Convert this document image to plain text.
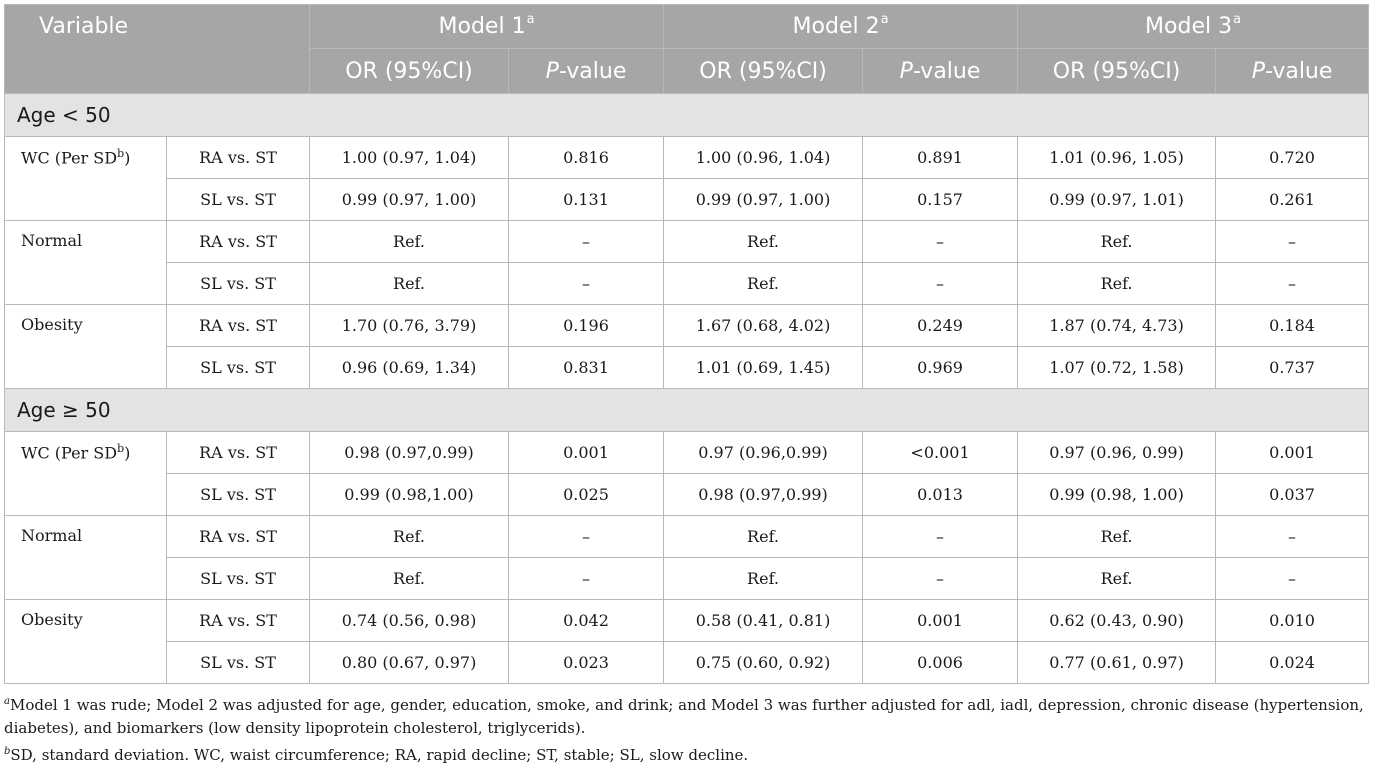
Variable		Model 1$^a$		Model 2$^a$		Model 3$^a$
		OR (95%CI)	P-value	OR (95%CI)	P-value	OR (95%CI)	P-value
Age < 50							
WC (Per $SD^b$)	RA vs. ST	1.00 (0.97, 1.04)	0.816	1.00 (0.96, 1.04)	0.891	1.01 (0.96, 1.05)	0.720
	SL vs. ST	0.99 (0.97, 1.00)	0.131	0.99 (0.97, 1.00)	0.157	0.99 (0.97, 1.01)	0.261
Normal	RA vs. ST	Ref.	–	Ref.	–	Ref.	–
	SL vs. ST	Ref.	–	Ref.	–	Ref.	–
Obesity	RA vs. ST	1.70 (0.76, 3.79)	0.196	1.67 (0.68, 4.02)	0.249	1.87 (0.74, 4.73)	0.184
	SL vs. ST	0.96 (0.69, 1.34)	0.831	1.01 (0.69, 1.45)	0.969	1.07 (0.72, 1.58)	0.737
Age ≥ 50							
WC (Per $SD^b$)	RA vs. ST	0.98 (0.97,0.99)	0.001	0.97 (0.96,0.99)	<0.001	0.97 (0.96, 0.99)	0.001
	SL vs. ST	0.99 (0.98,1.00)	0.025	0.98 (0.97,0.99)	0.013	0.99 (0.98, 1.00)	0.037
Normal	RA vs. ST	Ref.	–	Ref.	–	Ref.	–
	SL vs. ST	Ref.	–	Ref.	–	Ref.	–
Obesity	RA vs. ST	0.74 (0.56, 0.98)	0.042	0.58 (0.41, 0.81)	0.001	0.62 (0.43, 0.90)	0.010
	SL vs. ST	0.80 (0.67, 0.97)	0.023	0.75 (0.60, 0.92)	0.006	0.77 (0.61, 0.97)	0.024

$^a$Model 1 was rude; Model 2 was adjusted for age, gender, education, smoke, and drink; and Model 3 was further adjusted for adl, iadl, depression, chronic disease (hypertension, diabetes), and biomarkers (low density lipoprotein cholesterol, triglycerids).

$^b$SD, standard deviation. WC, waist circumference; RA, rapid decline; ST, stable; SL, slow decline.
